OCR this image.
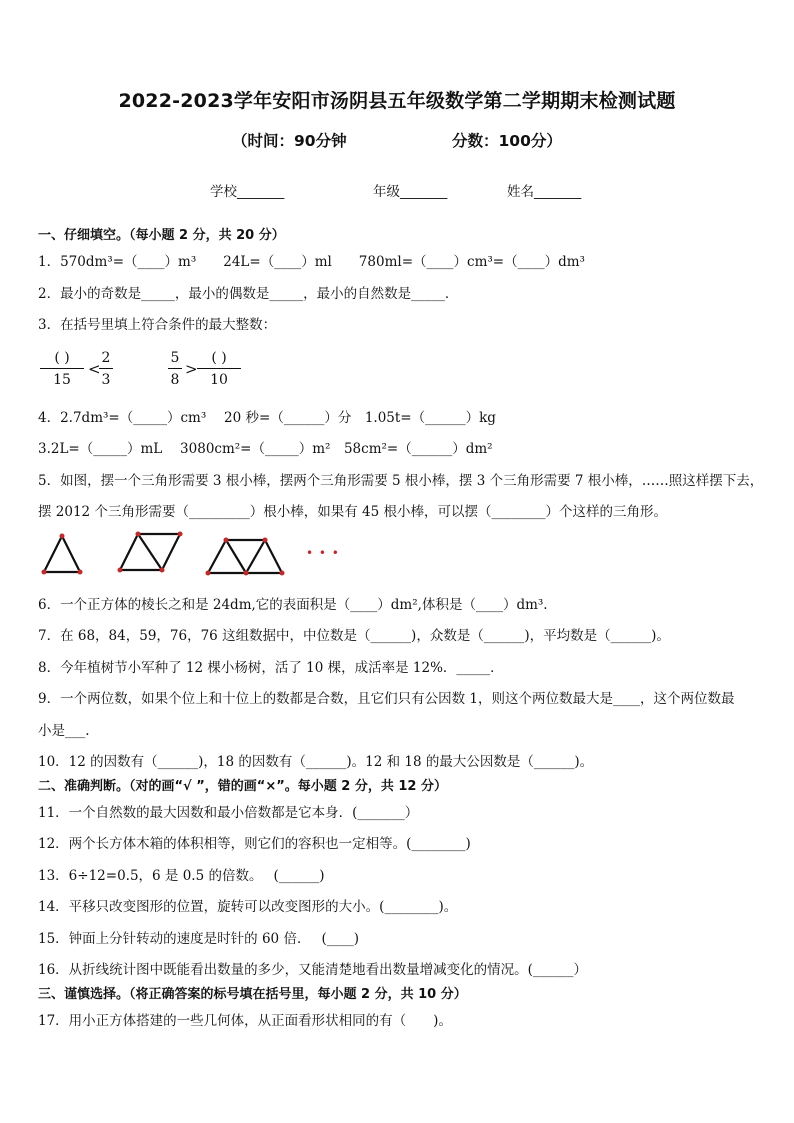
2022-2023学年安阳市汤阴县五年级数学第二学期期末检测试题
（时间：90分钟	分数：100分）
学校_______	年级_______	姓名_______
一、仔细填空。（每小题 2 分，共 20 分）
1．570dm³=（____）m³　　24L=（____）ml　　780ml=（____）cm³=（____）dm³
2．最小的奇数是_____，最小的偶数是_____，最小的自然数是_____．
3．在括号里填上符合条件的最大整数：
( )
15
<
2
3
5
8
>
( )
10
4．2.7dm³=（_____）cm³　 20 秒=（______）分　1.05t=（______）kg
3.2L=（_____）mL　 3080cm²=（_____）m²　58cm²=（______）dm²
5．如图，摆一个三角形需要 3 根小棒，摆两个三角形需要 5 根小棒，摆 3 个三角形需要 7 根小棒，……照这样摆下去，
摆 2012 个三角形需要（_________）根小棒，如果有 45 根小棒，可以摆（________）个这样的三角形。
• • •
6．一个正方体的棱长之和是 24dm,它的表面积是（____）dm²,体积是（____）dm³.
7．在 68，84，59，76，76 这组数据中，中位数是（______)，众数是（______)，平均数是（______)。
8．今年植树节小军种了 12 棵小杨树，活了 10 棵，成活率是 12%．_____．
9．一个两位数，如果个位上和十位上的数都是合数，且它们只有公因数 1，则这个两位数最大是____，这个两位数最
小是___.
10．12 的因数有（______)，18 的因数有（______)。12 和 18 的最大公因数是（______)。
二、准确判断。（对的画“√ ”，错的画“×”。每小题 2 分，共 12 分）
11．一个自然数的最大因数和最小倍数都是它本身．(_______）
12．两个长方体木箱的体积相等，则它们的容积也一定相等。(________)
13．6÷12=0.5，6 是 0.5 的倍数。　 (______)
14．平移只改变图形的位置，旋转可以改变图形的大小。(________)。
15．钟面上分针转动的速度是时针的 60 倍．　 (____)
16．从折线统计图中既能看出数量的多少，又能清楚地看出数量增减变化的情况。(______）
三、谨慎选择。（将正确答案的标号填在括号里，每小题 2 分，共 10 分）
17．用小正方体搭建的一些几何体，从正面看形状相同的有（　　)。
